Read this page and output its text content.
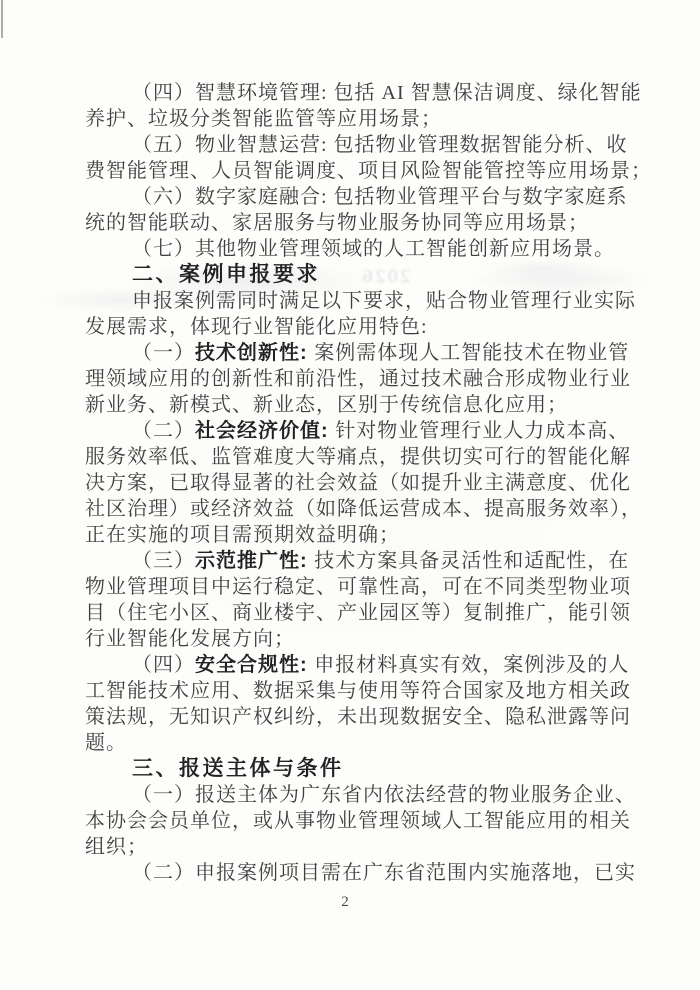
2026
（四）智慧环境管理: 包括 AI 智慧保洁调度、绿化智能
养护、垃圾分类智能监管等应用场景；
（五）物业智慧运营: 包括物业管理数据智能分析、收
费智能管理、人员智能调度、项目风险智能管控等应用场景；
（六）数字家庭融合: 包括物业管理平台与数字家庭系
统的智能联动、家居服务与物业服务协同等应用场景；
（七）其他物业管理领域的人工智能创新应用场景。
二、案例申报要求
申报案例需同时满足以下要求，贴合物业管理行业实际
发展需求，体现行业智能化应用特色:
（一）技术创新性: 案例需体现人工智能技术在物业管
理领域应用的创新性和前沿性，通过技术融合形成物业行业
新业务、新模式、新业态，区别于传统信息化应用；
（二）社会经济价值: 针对物业管理行业人力成本高、
服务效率低、监管难度大等痛点，提供切实可行的智能化解
决方案，已取得显著的社会效益（如提升业主满意度、优化
社区治理）或经济效益（如降低运营成本、提高服务效率），
正在实施的项目需预期效益明确；
（三）示范推广性: 技术方案具备灵活性和适配性，在
物业管理项目中运行稳定、可靠性高，可在不同类型物业项
目（住宅小区、商业楼宇、产业园区等）复制推广，能引领
行业智能化发展方向；
（四）安全合规性: 申报材料真实有效，案例涉及的人
工智能技术应用、数据采集与使用等符合国家及地方相关政
策法规，无知识产权纠纷，未出现数据安全、隐私泄露等问
题。
三、报送主体与条件
（一）报送主体为广东省内依法经营的物业服务企业、
本协会会员单位，或从事物业管理领域人工智能应用的相关
组织；
（二）申报案例项目需在广东省范围内实施落地，已实
2
